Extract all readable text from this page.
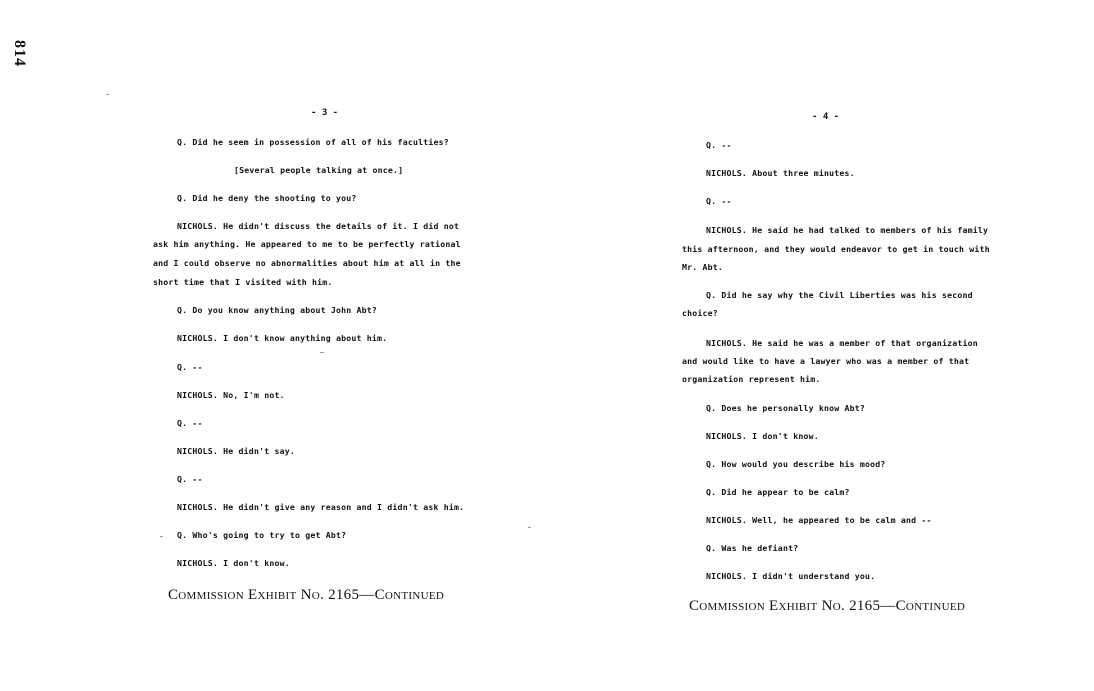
814
- 3 -
Q. Did he seem in possession of all of his faculties?
[Several people talking at once.]
Q. Did he deny the shooting to you?
NICHOLS. He didn't discuss the details of it. I did not
ask him anything. He appeared to me to be perfectly rational
and I could observe no abnormalities about him at all in the
short time that I visited with him.
Q. Do you know anything about John Abt?
NICHOLS. I don't know anything about him.
Q. --
NICHOLS. No, I'm not.
Q. --
NICHOLS. He didn't say.
Q. --
NICHOLS. He didn't give any reason and I didn't ask him.
Q. Who's going to try to get Abt?
NICHOLS. I don't know.
Commission Exhibit No. 2165—Continued
- 4 -
Q. --
NICHOLS. About three minutes.
Q. --
NICHOLS. He said he had talked to members of his family
this afternoon, and they would endeavor to get in touch with
Mr. Abt.
Q. Did he say why the Civil Liberties was his second
choice?
NICHOLS. He said he was a member of that organization
and would like to have a lawyer who was a member of that
organization represent him.
Q. Does he personally know Abt?
NICHOLS. I don't know.
Q. How would you describe his mood?
Q. Did he appear to be calm?
NICHOLS. Well, he appeared to be calm and --
Q. Was he defiant?
NICHOLS. I didn't understand you.
Commission Exhibit No. 2165—Continued
